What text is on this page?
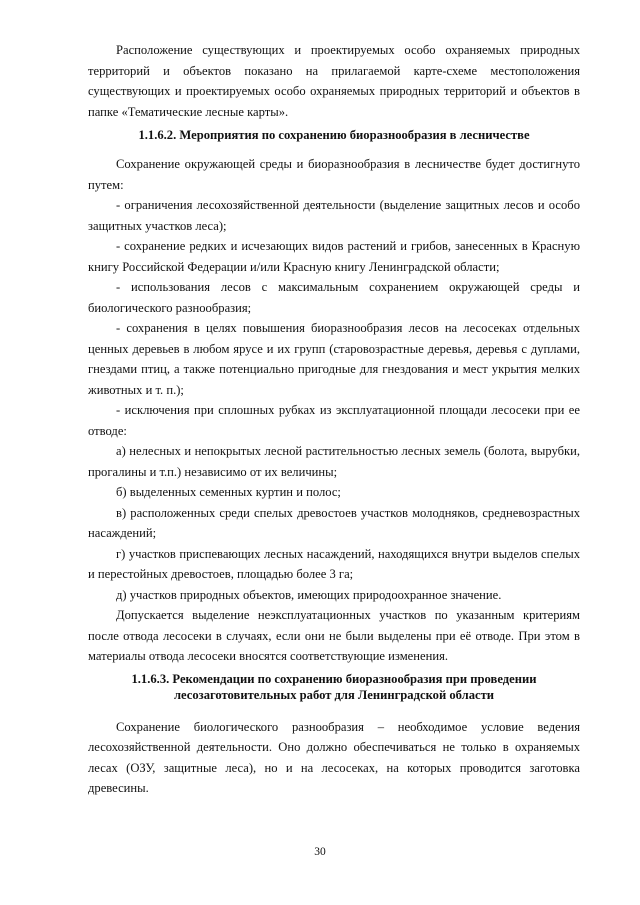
Расположение существующих и проектируемых особо охраняемых природных территорий и объектов показано на прилагаемой карте-схеме местоположения существующих и проектируемых особо охраняемых природных территорий и объектов в папке «Тематические лесные карты».

1.1.6.2. Мероприятия по сохранению биоразнообразия в лесничестве

Сохранение окружающей среды и биоразнообразия в лесничестве будет достигнуто путем:

- ограничения лесохозяйственной деятельности (выделение защитных лесов и особо защитных участков леса);

- сохранение редких и исчезающих видов растений и грибов, занесенных в Красную книгу Российской Федерации и/или Красную книгу Ленинградской области;

- использования лесов с максимальным сохранением окружающей среды и биологического разнообразия;

- сохранения в целях повышения биоразнообразия лесов на лесосеках отдельных ценных деревьев в любом ярусе и их групп (старовозрастные деревья, деревья с дуплами, гнездами птиц, а также потенциально пригодные для гнездования и мест укрытия мелких животных и т. п.);

- исключения при сплошных рубках из эксплуатационной площади лесосеки при ее отводе:

а) нелесных и непокрытых лесной растительностью лесных земель (болота, вырубки, прогалины и т.п.) независимо от их величины;

б) выделенных семенных куртин и полос;

в) расположенных среди спелых древостоев участков молодняков, средневозрастных насаждений;

г) участков приспевающих лесных насаждений, находящихся внутри выделов спелых и перестойных древостоев, площадью более 3 га;

д) участков природных объектов, имеющих природоохранное значение.

Допускается выделение неэксплуатационных участков по указанным критериям после отвода лесосеки в случаях, если они не были выделены при её отводе. При этом в материалы отвода лесосеки вносятся соответствующие изменения.

1.1.6.3. Рекомендации по сохранению биоразнообразия при проведении
лесозаготовительных работ для Ленинградской области

Сохранение биологического разнообразия – необходимое условие ведения лесохозяйственной деятельности. Оно должно обеспечиваться не только в охраняемых лесах (ОЗУ, защитные леса), но и на лесосеках, на которых проводится заготовка древесины.

30
